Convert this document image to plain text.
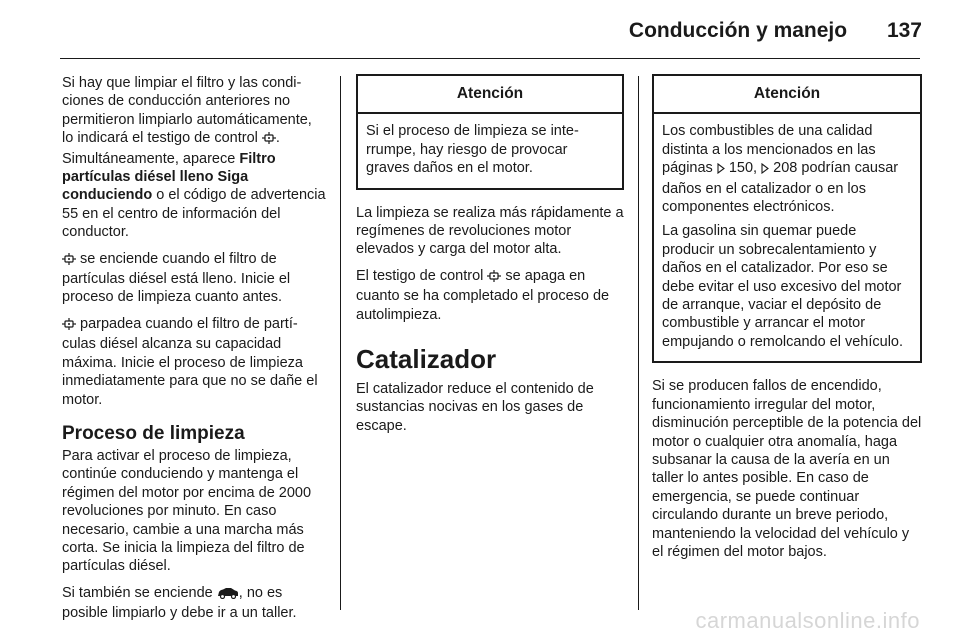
Conducción y manejo 137

Si hay que limpiar el filtro y las condiciones de conducción anteriores no permitieron limpiarlo automáticamente, lo indicará el testigo de control . Simultáneamente, aparece Filtro partículas diésel lleno Siga conduciendo o el código de advertencia 55 en el centro de información del conductor.

se enciende cuando el filtro de partículas diésel está lleno. Inicie el proceso de limpieza cuanto antes.

parpadea cuando el filtro de partículas diésel alcanza su capacidad máxima. Inicie el proceso de limpieza inmediatamente para que no se dañe el motor.

Proceso de limpieza

Para activar el proceso de limpieza, continúe conduciendo y mantenga el régimen del motor por encima de 2000 revoluciones por minuto. En caso necesario, cambie a una marcha más corta. Se inicia la limpieza del filtro de partículas diésel.

Si también se enciende , no es posible limpiarlo y debe ir a un taller.

Atención

Si el proceso de limpieza se interrumpe, hay riesgo de provocar graves daños en el motor.

La limpieza se realiza más rápidamente a regímenes de revoluciones motor elevados y carga del motor alta.

El testigo de control se apaga en cuanto se ha completado el proceso de autolimpieza.

Catalizador

El catalizador reduce el contenido de sustancias nocivas en los gases de escape.

Atención

Los combustibles de una calidad distinta a los mencionados en las páginas 150, 208 podrían causar daños en el catalizador o en los componentes electrónicos.

La gasolina sin quemar puede producir un sobrecalentamiento y daños en el catalizador. Por eso se debe evitar el uso excesivo del motor de arranque, vaciar el depósito de combustible y arrancar el motor empujando o remolcando el vehículo.

Si se producen fallos de encendido, funcionamiento irregular del motor, disminución perceptible de la potencia del motor o cualquier otra anomalía, haga subsanar la causa de la avería en un taller lo antes posible. En caso de emergencia, se puede continuar circulando durante un breve periodo, manteniendo la velocidad del vehículo y el régimen del motor bajos.

carmanualsonline.info
